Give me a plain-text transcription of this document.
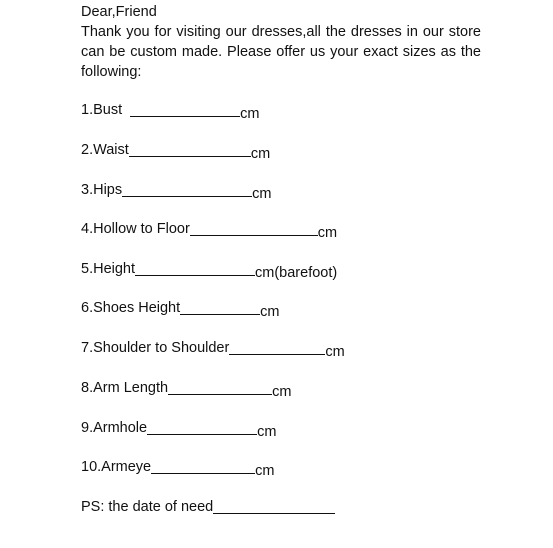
Dear,Friend
Thank you for visiting our dresses,all the dresses in our store can be custom made. Please offer us your exact sizes as the following:
1.Bust	cm
2.Waist	cm
3.Hips	cm
4.Hollow to Floor	cm
5.Height	cm(barefoot)
6.Shoes Height	cm
7.Shoulder to Shoulder	cm
8.Arm Length	cm
9.Armhole	cm
10.Armeye	cm
PS: the date of need
